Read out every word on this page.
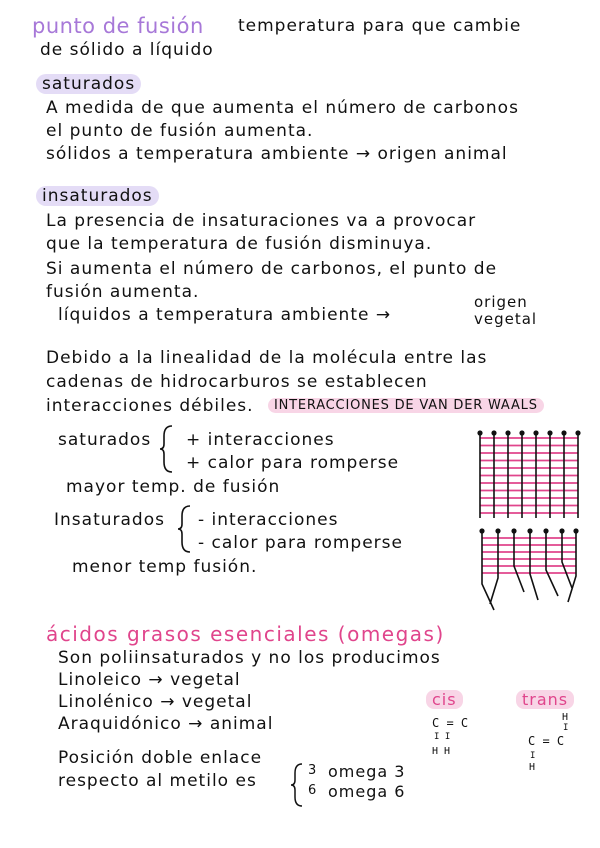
punto de fusión temperatura para que cambie
de sólido a líquido
saturados
A medida de que aumenta el número de carbonos
el punto de fusión aumenta.
sólidos a temperatura ambiente → origen animal
insaturados
La presencia de insaturaciones va a provocar
que la temperatura de fusión disminuya.
Si aumenta el número de carbonos, el punto de
fusión aumenta.
líquidos a temperatura ambiente →
origen
vegetal
Debido a la linealidad de la molécula entre las
cadenas de hidrocarburos se establecen
interacciones débiles.	INTERACCIONES DE VAN DER WAALS
saturados + interacciones
+ calor para romperse
mayor temp. de fusión
Insaturados - interacciones
- calor para romperse
menor temp fusión.
ácidos grasos esenciales (omegas)
Son poliinsaturados y no los producimos
Linoleico → vegetal
Linolénico → vegetal
Araquidónico → animal
Posición doble enlace
respecto al metilo es
3
6
omega 3
omega 6
cis	trans
C = C
I I
H H
H
I
C = C
I
H
